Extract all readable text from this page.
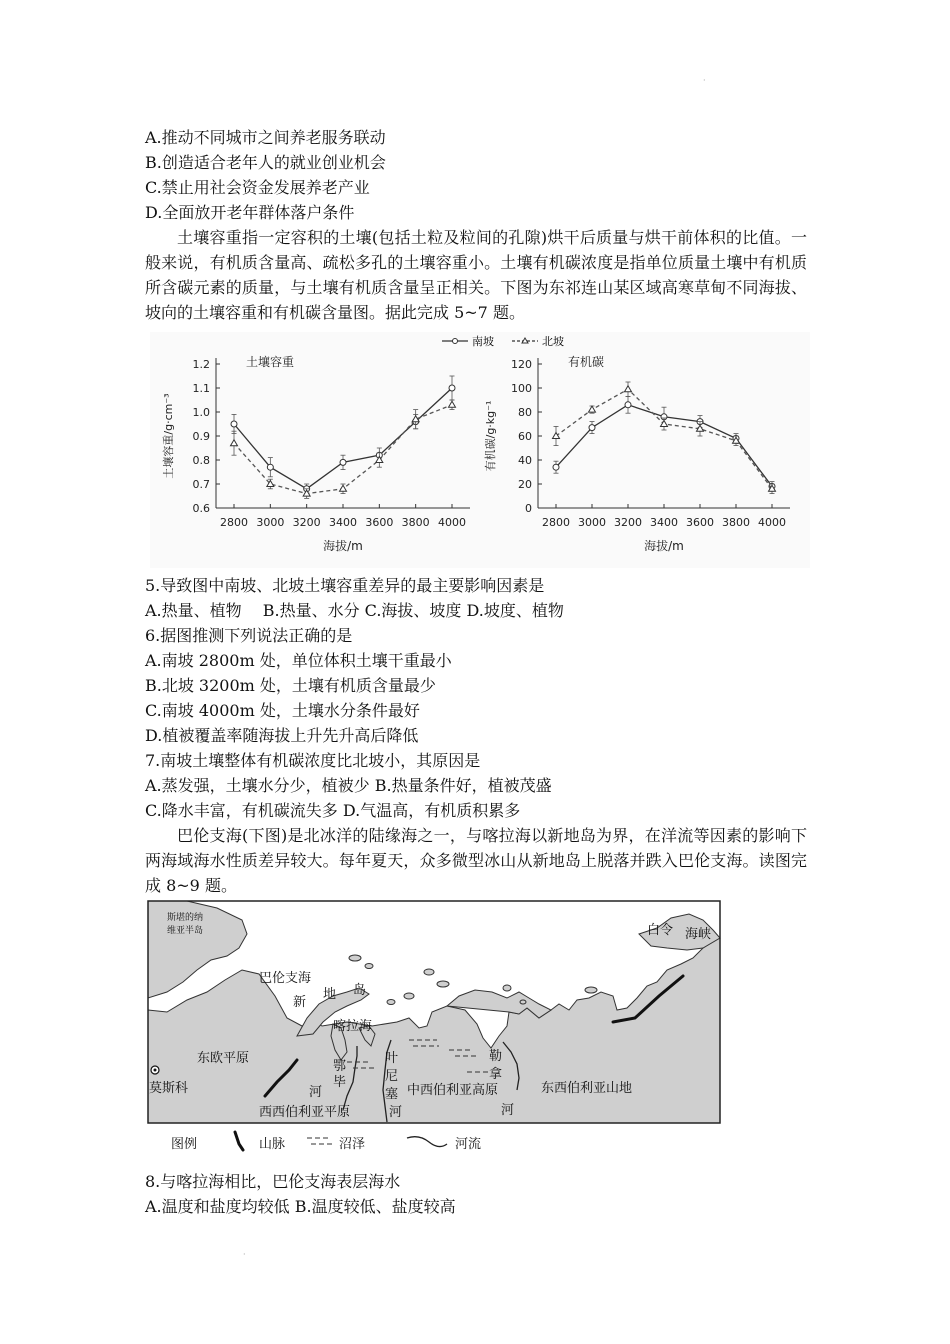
·
A.推动不同城市之间养老服务联动
B.创造适合老年人的就业创业机会
C.禁止用社会资金发展养老产业
D.全面放开老年群体落户条件
土壤容重指一定容积的土壤(包括土粒及粒间的孔隙)烘干后质量与烘干前体积的比值。一般来说，有机质含量高、疏松多孔的土壤容重小。土壤有机碳浓度是指单位质量土壤中有机质所含碳元素的质量，与土壤有机质含量呈正相关。下图为东祁连山某区域高寒草甸不同海拔、坡向的土壤容重和有机碳含量图。据此完成 5~7 题。
南坡	北坡
0.6
0.7
0.8
0.9
1.0
1.1
1.2
2800 3000 3200 3400 3600 3800 4000
土壤容重
海拔/m
土壤容重/g·cm⁻³
0
20
40
60
80
100
120
2800 3000 3200 3400 3600 3800 4000
有机碳
海拔/m
有机碳/g·kg⁻¹
5.导致图中南坡、北坡土壤容重差异的最主要影响因素是
A.热量、植物　 B.热量、水分 C.海拔、坡度 D.坡度、植物
6.据图推测下列说法正确的是
A.南坡 2800m 处，单位体积土壤干重最小
B.北坡 3200m 处，土壤有机质含量最少
C.南坡 4000m 处，土壤水分条件最好
D.植被覆盖率随海拔上升先升高后降低
7.南坡土壤整体有机碳浓度比北坡小，其原因是
A.蒸发强，土壤水分少，植被少 B.热量条件好，植被茂盛
C.降水丰富，有机碳流失多 D.气温高，有机质积累多
巴伦支海(下图)是北冰洋的陆缘海之一，与喀拉海以新地岛为界，在洋流等因素的影响下两海域海水性质差异较大。每年夏天，众多微型冰山从新地岛上脱落并跌入巴伦支海。读图完成 8~9 题。
斯堪的纳
维亚半岛
巴伦支海
新
地 岛
喀拉海
东欧平原
莫斯科
鄂
毕
河
叶
尼
塞
河
西西伯利亚平原
中西伯利亚高原
勒
拿
河
东西伯利亚山地
白令 海峡
图例	山脉	沼泽	河流
8.与喀拉海相比，巴伦支海表层海水
A.温度和盐度均较低 B.温度较低、盐度较高
·
